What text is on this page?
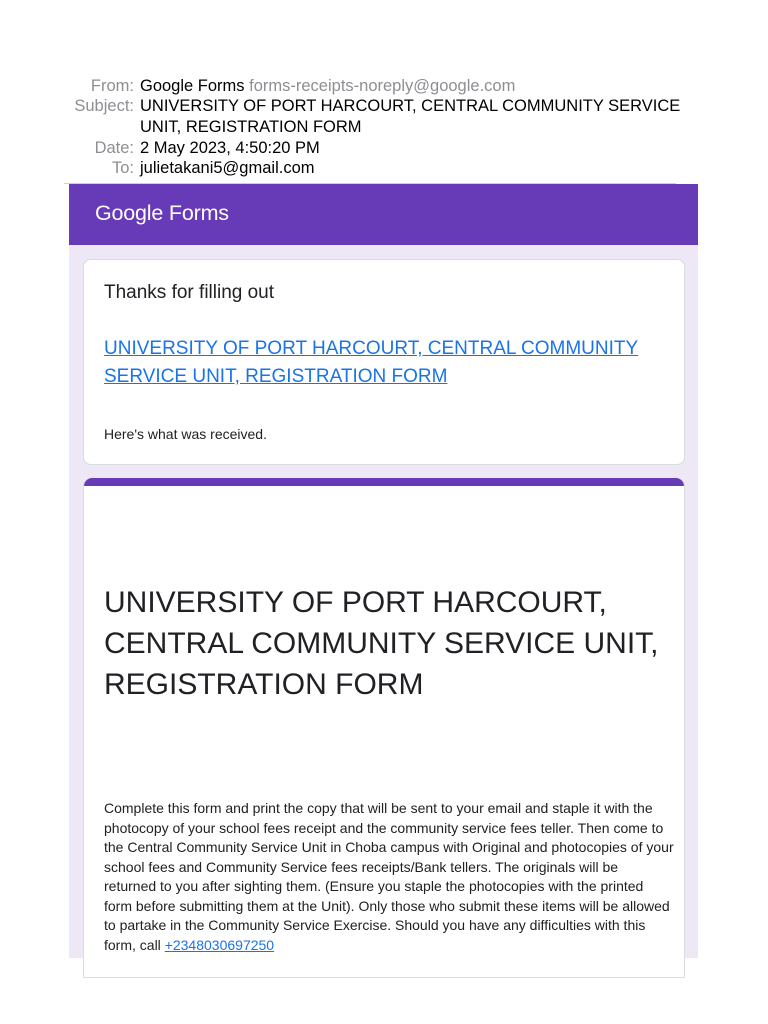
From: Google Forms forms-receipts-noreply@google.com
Subject: UNIVERSITY OF PORT HARCOURT, CENTRAL COMMUNITY SERVICE UNIT, REGISTRATION FORM
Date: 2 May 2023, 4:50:20 PM
To: julietakani5@gmail.com
Google Forms
Thanks for filling out
UNIVERSITY OF PORT HARCOURT, CENTRAL COMMUNITY SERVICE UNIT, REGISTRATION FORM
Here's what was received.
UNIVERSITY OF PORT HARCOURT, CENTRAL COMMUNITY SERVICE UNIT, REGISTRATION FORM
Complete this form and print the copy that will be sent to your email and staple it with the photocopy of your school fees receipt and the community service fees teller. Then come to the Central Community Service Unit in Choba campus with Original and photocopies of your school fees and Community Service fees receipts/Bank tellers. The originals will be returned to you after sighting them. (Ensure you staple the photocopies with the printed form before submitting them at the Unit). Only those who submit these items will be allowed to partake in the Community Service Exercise. Should you have any difficulties with this form, call +2348030697250
